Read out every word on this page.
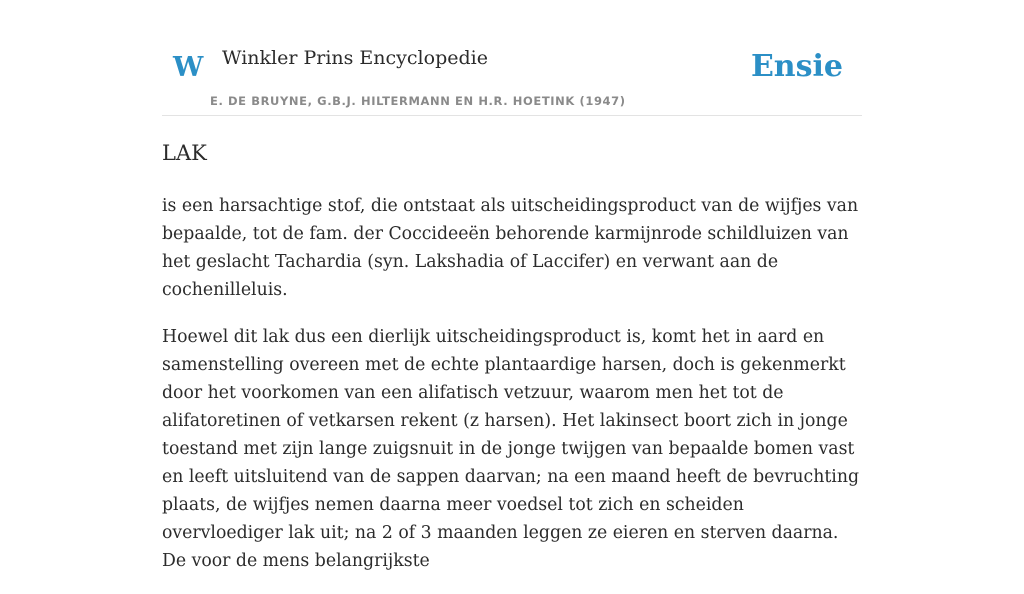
W Winkler Prins Encyclopedie
E. DE BRUYNE, G.B.J. HILTERMANN EN H.R. HOETINK (1947)
Ensie
LAK

is een harsachtige stof, die ontstaat als uitscheidingsproduct van de wijfjes van bepaalde, tot de fam. der Coccideeën behorende karmijnrode schildluizen van het geslacht Tachardia (syn. Lakshadia of Laccifer) en verwant aan de cochenilleluis.

Hoewel dit lak dus een dierlijk uitscheidingsproduct is, komt het in aard en samenstelling overeen met de echte plantaardige harsen, doch is gekenmerkt door het voorkomen van een alifatisch vetzuur, waarom men het tot de alifatoretinen of vetkarsen rekent (z harsen). Het lakinsect boort zich in jonge toestand met zijn lange zuigsnuit in de jonge twijgen van bepaalde bomen vast en leeft uitsluitend van de sappen daarvan; na een maand heeft de bevruchting plaats, de wijfjes nemen daarna meer voedsel tot zich en scheiden overvloediger lak uit; na 2 of 3 maanden leggen ze eieren en sterven daarna. De voor de mens belangrijkste
